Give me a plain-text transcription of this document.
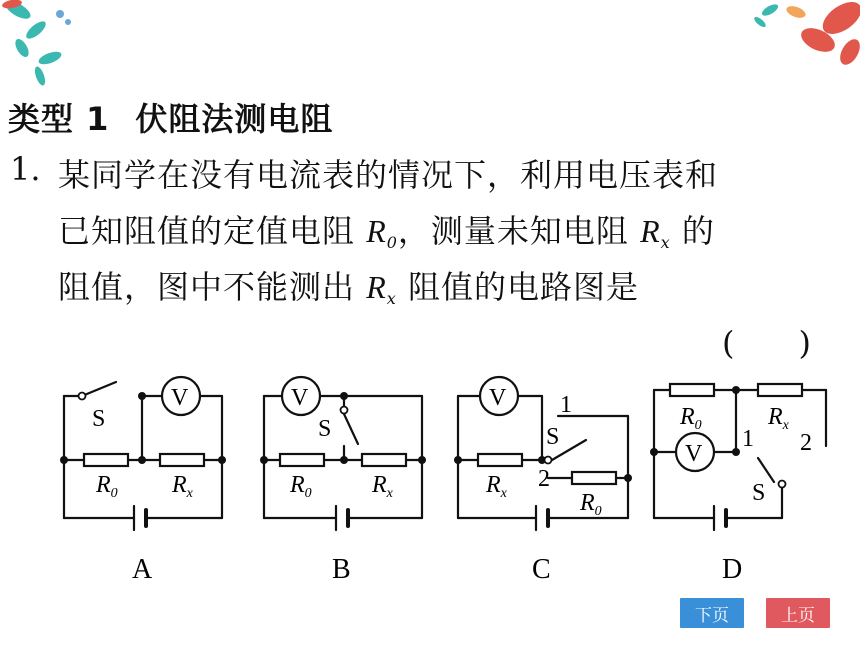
类型 1 伏阻法测电阻
1. 某同学在没有电流表的情况下，利用电压表和
已知阻值的定值电阻 $R_0$，测量未知电阻 $R_x$ 的
阻值，图中不能测出 $R_x$ 阻值的电路图是
(　　)
S
V
$R_0$ $R_x$
A
V
S
$R_0$	$R_x$
B
V 1
S
2
$R_x$	$R_0$
C
V
$R_0$	$R_x$
1 2
S
D
下页	上页
